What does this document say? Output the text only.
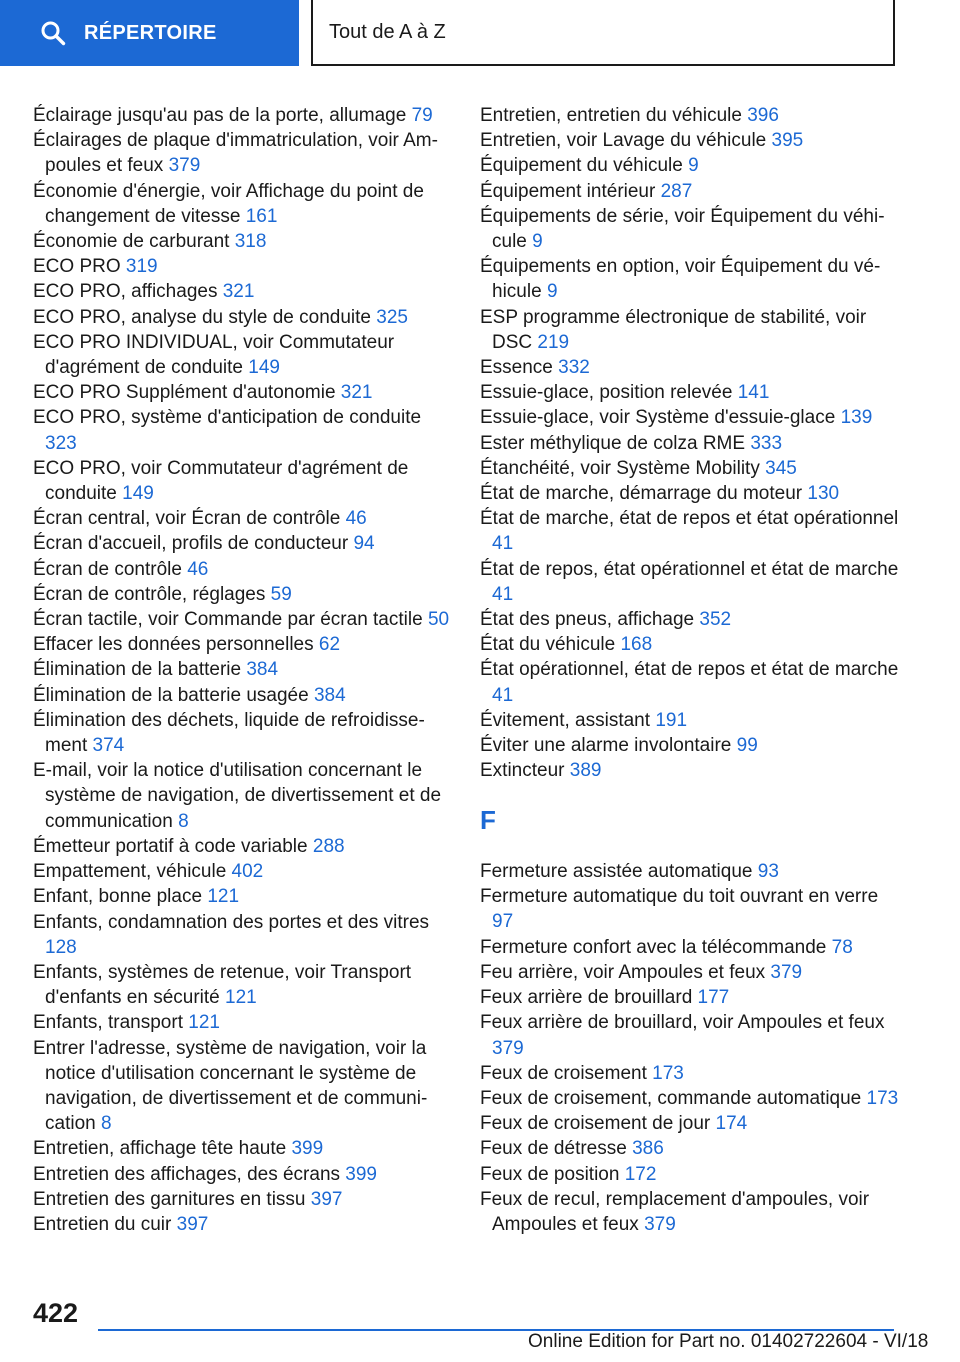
RÉPERTOIRE	Tout de A à Z
Éclairage jusqu'au pas de la porte, allumage 79
Éclairages de plaque d'immatriculation, voir Ampoules et feux 379
Économie d'énergie, voir Affichage du point de changement de vitesse 161
Économie de carburant 318
ECO PRO 319
ECO PRO, affichages 321
ECO PRO, analyse du style de conduite 325
ECO PRO INDIVIDUAL, voir Commutateur d'agrément de conduite 149
ECO PRO Supplément d'autonomie 321
ECO PRO, système d'anticipation de conduite 323
ECO PRO, voir Commutateur d'agrément de conduite 149
Écran central, voir Écran de contrôle 46
Écran d'accueil, profils de conducteur 94
Écran de contrôle 46
Écran de contrôle, réglages 59
Écran tactile, voir Commande par écran tactile 50
Effacer les données personnelles 62
Élimination de la batterie 384
Élimination de la batterie usagée 384
Élimination des déchets, liquide de refroidissement 374
E-mail, voir la notice d'utilisation concernant le système de navigation, de divertissement et de communication 8
Émetteur portatif à code variable 288
Empattement, véhicule 402
Enfant, bonne place 121
Enfants, condamnation des portes et des vitres 128
Enfants, systèmes de retenue, voir Transport d'enfants en sécurité 121
Enfants, transport 121
Entrer l'adresse, système de navigation, voir la notice d'utilisation concernant le système de navigation, de divertissement et de communication 8
Entretien, affichage tête haute 399
Entretien des affichages, des écrans 399
Entretien des garnitures en tissu 397
Entretien du cuir 397
Entretien, entretien du véhicule 396
Entretien, voir Lavage du véhicule 395
Équipement du véhicule 9
Équipement intérieur 287
Équipements de série, voir Équipement du véhicule 9
Équipements en option, voir Équipement du véhicule 9
ESP programme électronique de stabilité, voir DSC 219
Essence 332
Essuie-glace, position relevée 141
Essuie-glace, voir Système d'essuie-glace 139
Ester méthylique de colza RME 333
Étanchéité, voir Système Mobility 345
État de marche, démarrage du moteur 130
État de marche, état de repos et état opérationnel 41
État de repos, état opérationnel et état de marche 41
État des pneus, affichage 352
État du véhicule 168
État opérationnel, état de repos et état de marche 41
Évitement, assistant 191
Éviter une alarme involontaire 99
Extincteur 389
F
Fermeture assistée automatique 93
Fermeture automatique du toit ouvrant en verre 97
Fermeture confort avec la télécommande 78
Feu arrière, voir Ampoules et feux 379
Feux arrière de brouillard 177
Feux arrière de brouillard, voir Ampoules et feux 379
Feux de croisement 173
Feux de croisement, commande automatique 173
Feux de croisement de jour 174
Feux de détresse 386
Feux de position 172
Feux de recul, remplacement d'ampoules, voir Ampoules et feux 379
422
Online Edition for Part no. 01402722604 - VI/18
